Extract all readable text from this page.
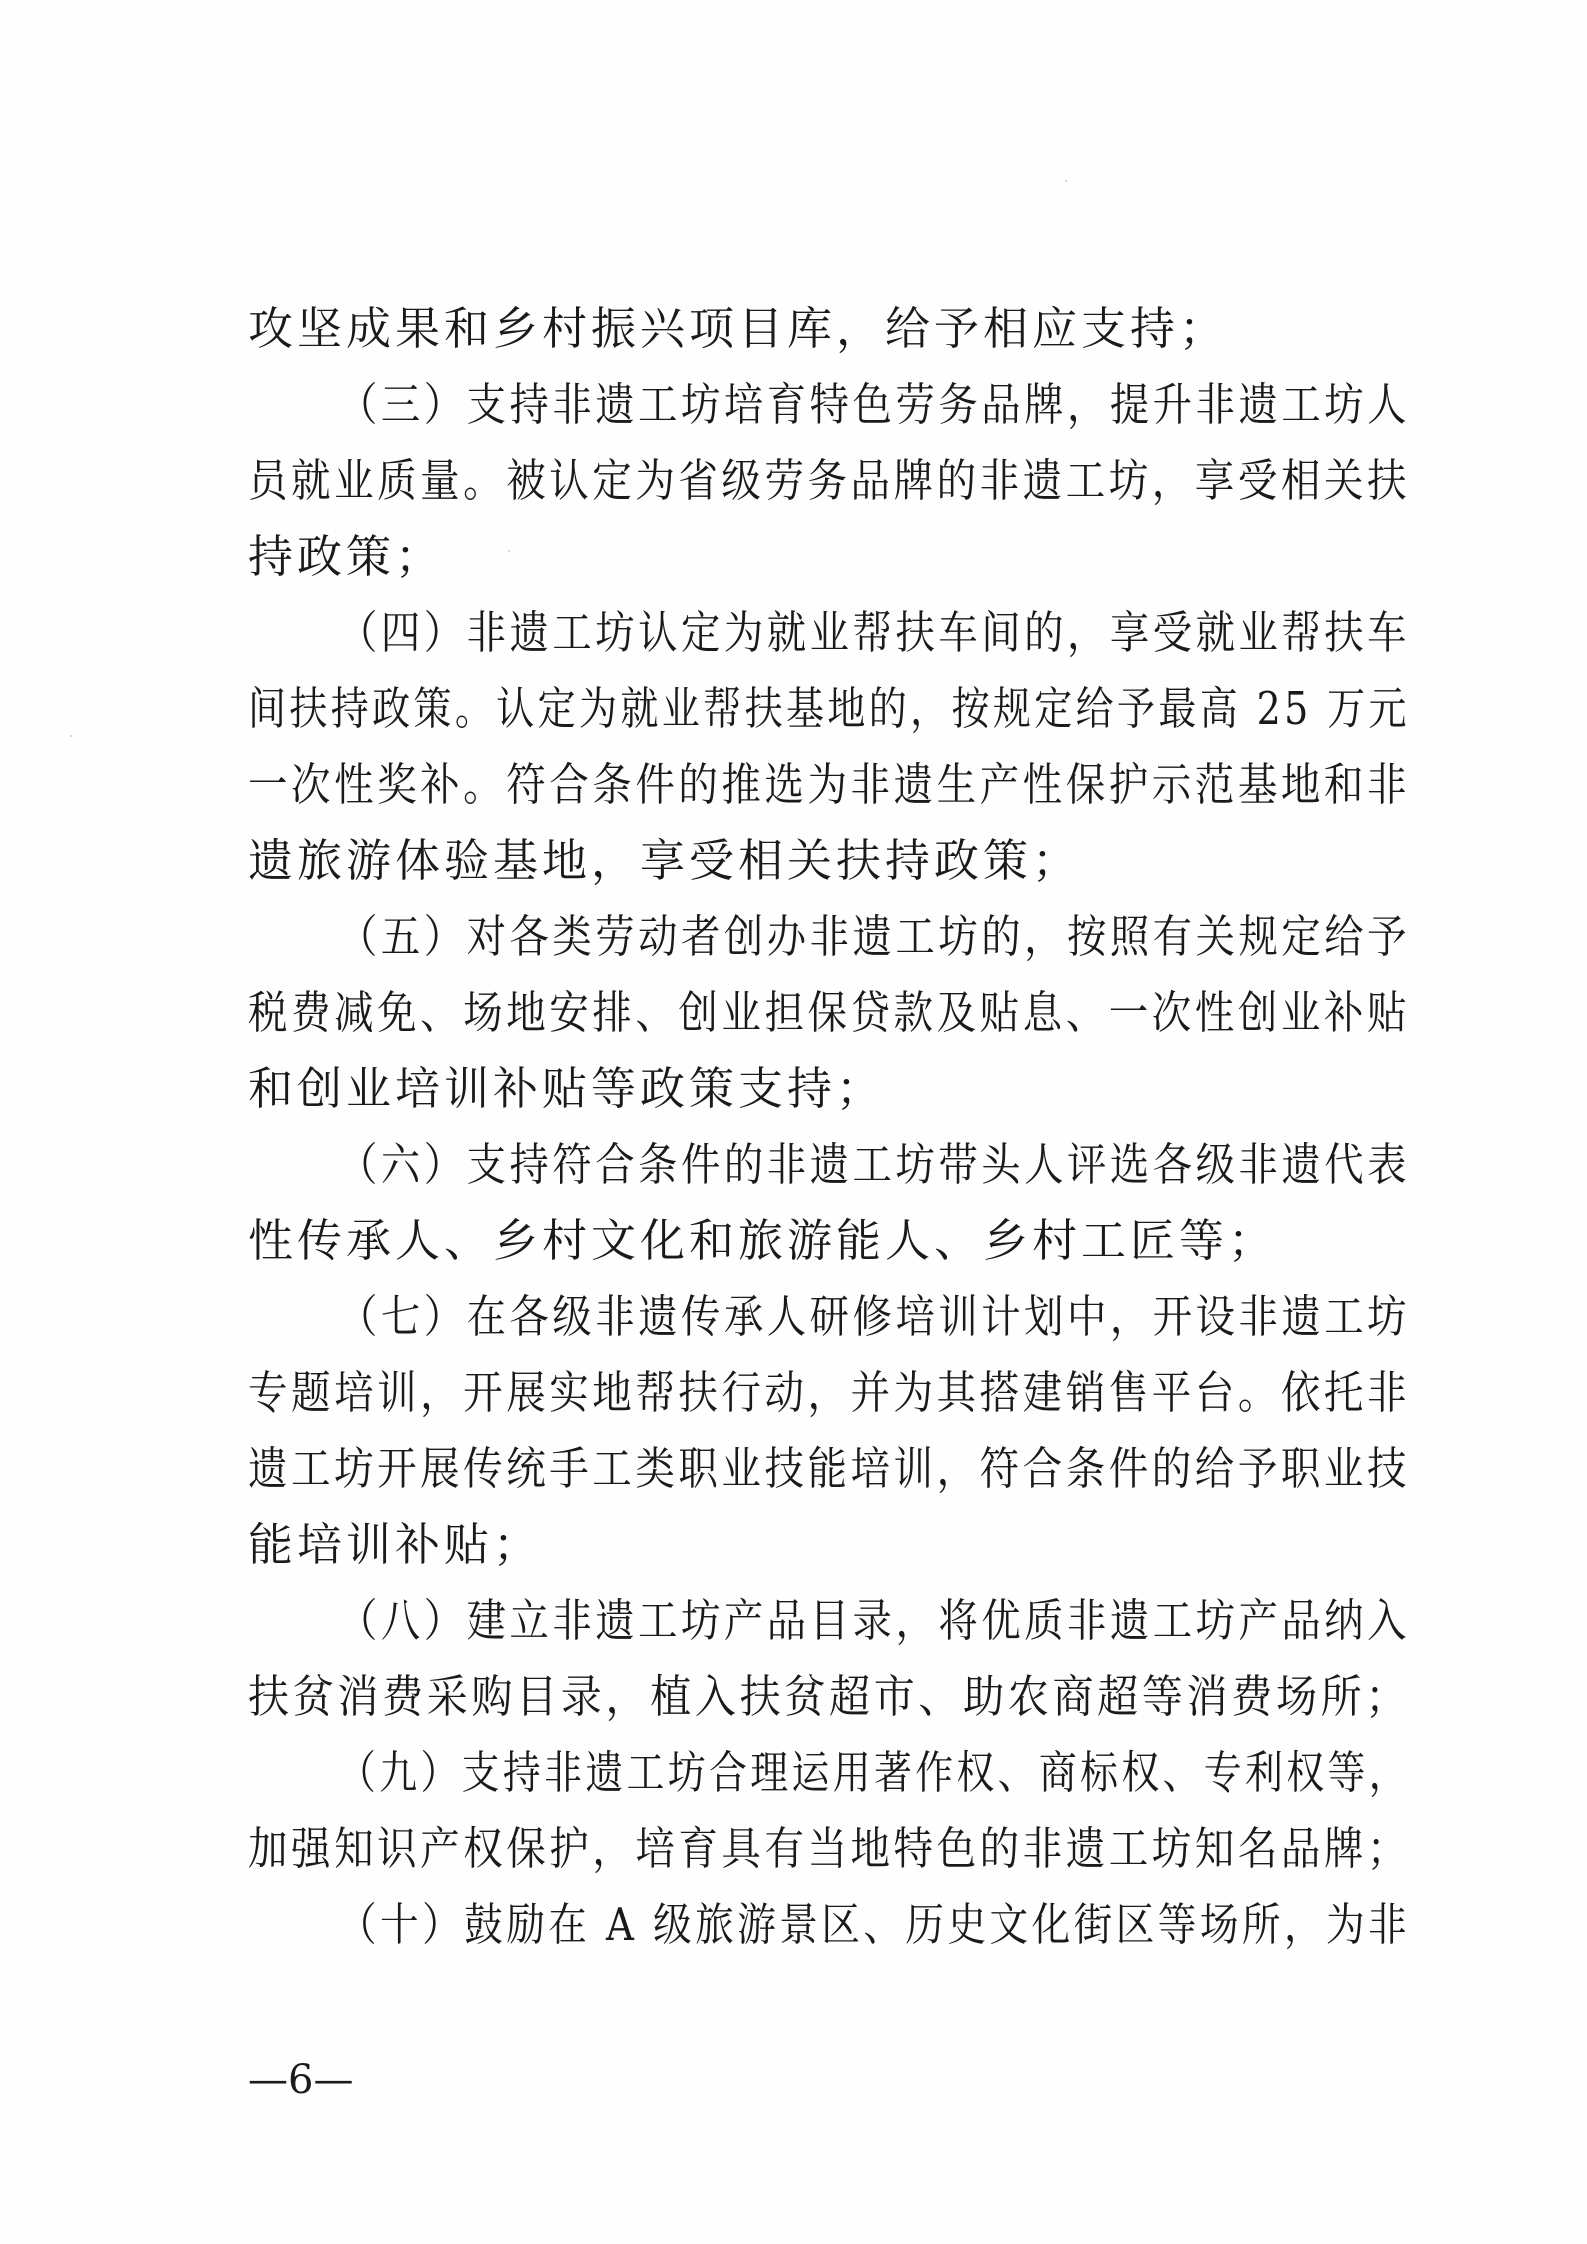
攻坚成果和乡村振兴项目库，给予相应支持；
（三）支持非遗工坊培育特色劳务品牌，提升非遗工坊人
员就业质量。被认定为省级劳务品牌的非遗工坊，享受相关扶
持政策；
（四）非遗工坊认定为就业帮扶车间的，享受就业帮扶车
间扶持政策。认定为就业帮扶基地的，按规定给予最高 25 万元
一次性奖补。符合条件的推选为非遗生产性保护示范基地和非
遗旅游体验基地，享受相关扶持政策；
（五）对各类劳动者创办非遗工坊的，按照有关规定给予
税费减免、场地安排、创业担保贷款及贴息、一次性创业补贴
和创业培训补贴等政策支持；
（六）支持符合条件的非遗工坊带头人评选各级非遗代表
性传承人、乡村文化和旅游能人、乡村工匠等；
（七）在各级非遗传承人研修培训计划中，开设非遗工坊
专题培训，开展实地帮扶行动，并为其搭建销售平台。依托非
遗工坊开展传统手工类职业技能培训，符合条件的给予职业技
能培训补贴；
（八）建立非遗工坊产品目录，将优质非遗工坊产品纳入
扶贫消费采购目录，植入扶贫超市、助农商超等消费场所；
（九）支持非遗工坊合理运用著作权、商标权、专利权等，
加强知识产权保护，培育具有当地特色的非遗工坊知名品牌；
（十）鼓励在 A 级旅游景区、历史文化街区等场所，为非
—6—
